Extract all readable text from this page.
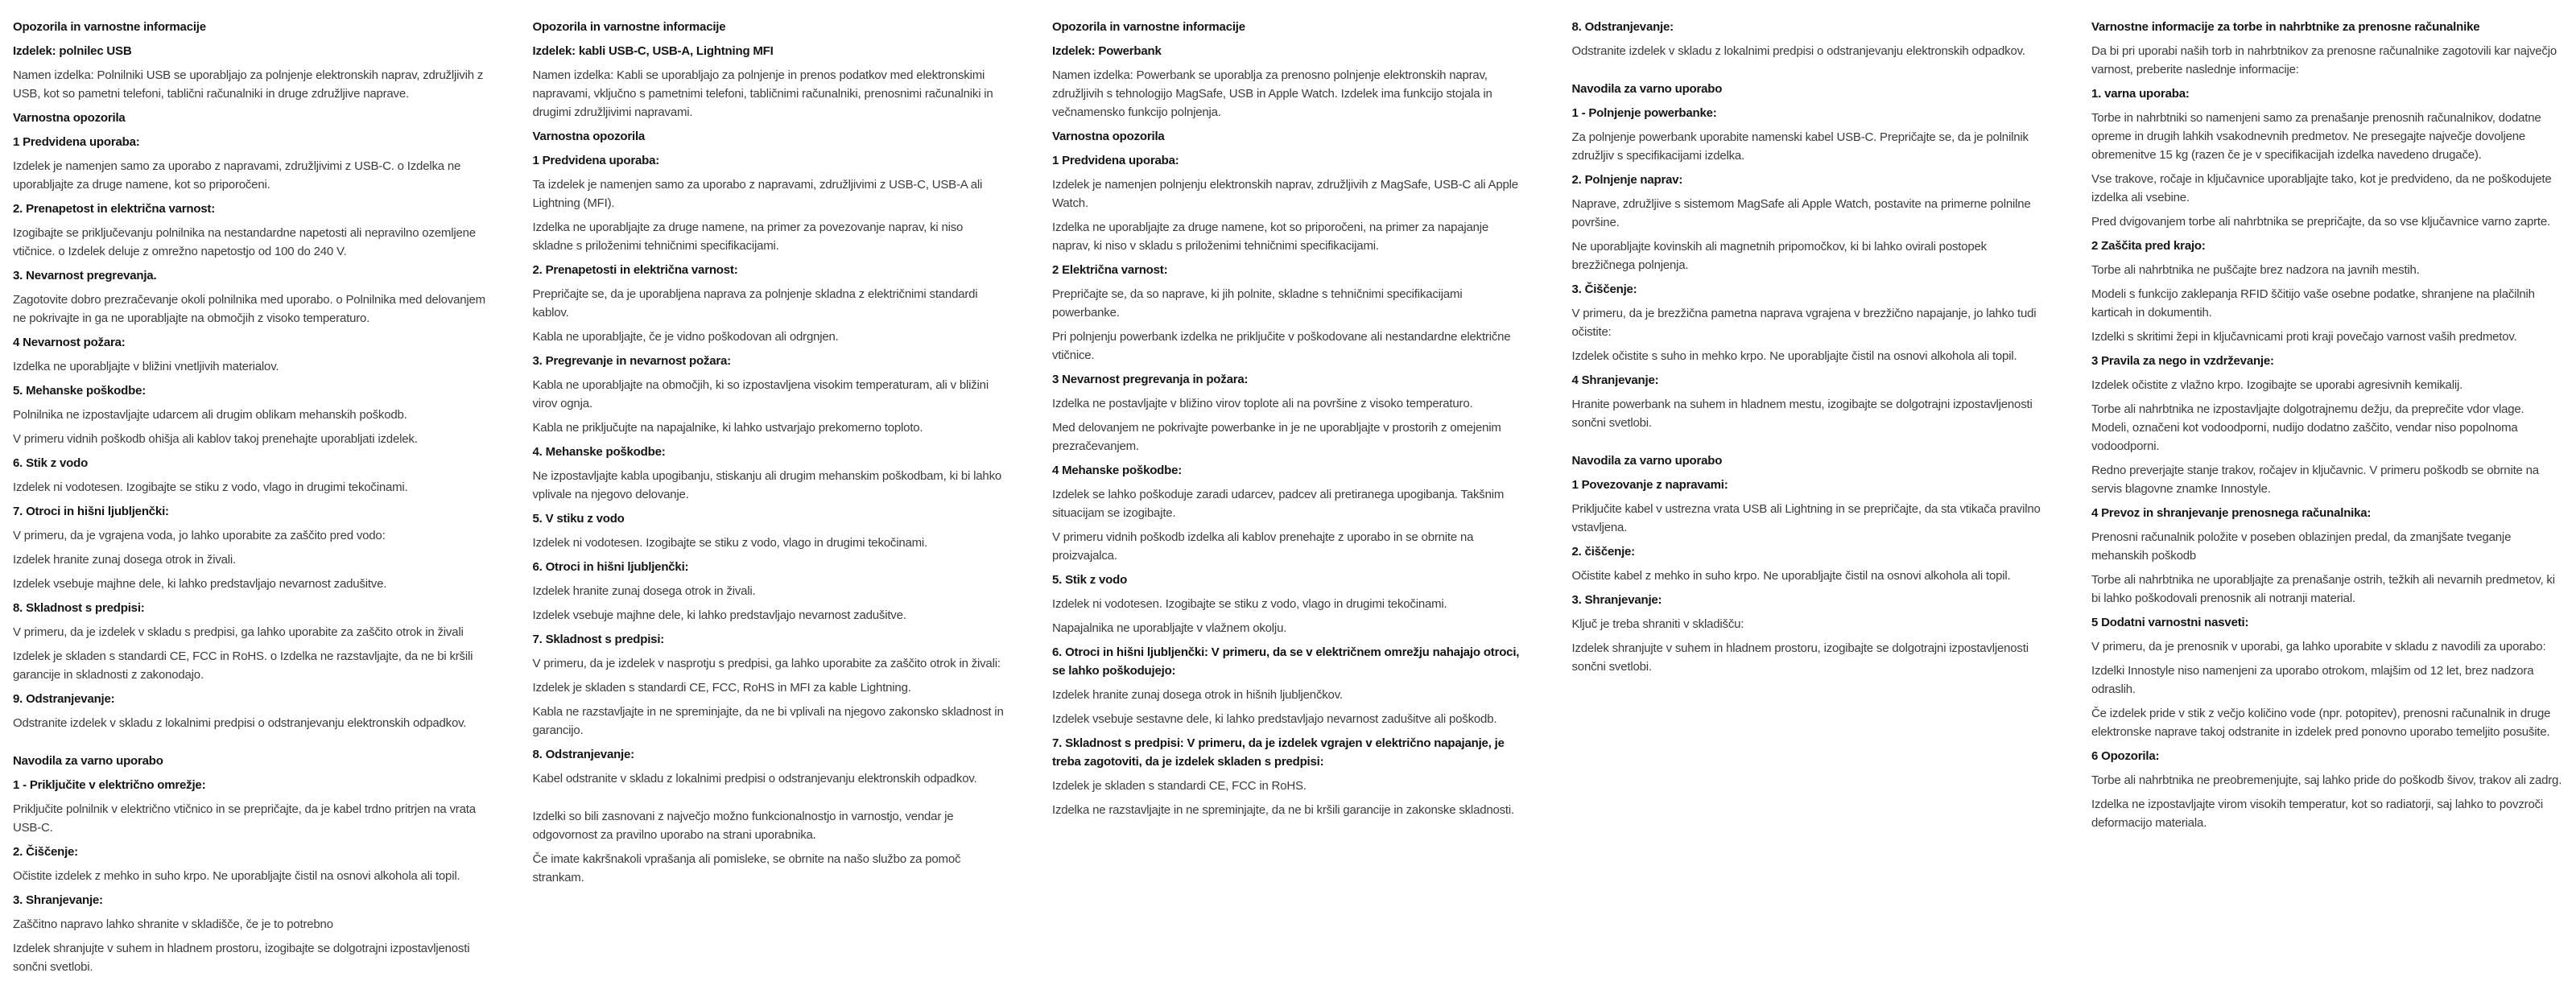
Opozorila in varnostne informacije
Izdelek: polnilec USB

Namen izdelka: Polnilniki USB se uporabljajo za polnjenje elektronskih naprav, združljivih z USB, kot so pametni telefoni, tablični računalniki in druge združljive naprave.

Varnostna opozorila
1 Predvidena uporaba:

Izdelek je namenjen samo za uporabo z napravami, združljivimi z USB-C. o Izdelka ne uporabljajte za druge namene, kot so priporočeni.

2. Prenapetost in električna varnost:

Izogibajte se priključevanju polnilnika na nestandardne napetosti ali nepravilno ozemljene vtičnice. o Izdelek deluje z omrežno napetostjo od 100 do 240 V.

3. Nevarnost pregrevanja.

Zagotovite dobro prezračevanje okoli polnilnika med uporabo. o Polnilnika med delovanjem ne pokrivajte in ga ne uporabljajte na območjih z visoko temperaturo.

4 Nevarnost požara:

Izdelka ne uporabljajte v bližini vnetljivih materialov.

5. Mehanske poškodbe:

Polnilnika ne izpostavljajte udarcem ali drugim oblikam mehanskih poškodb.

V primeru vidnih poškodb ohišja ali kablov takoj prenehajte uporabljati izdelek.

6. Stik z vodo

Izdelek ni vodotesen. Izogibajte se stiku z vodo, vlago in drugimi tekočinami.

7. Otroci in hišni ljubljenčki:

V primeru, da je vgrajena voda, jo lahko uporabite za zaščito pred vodo:

Izdelek hranite zunaj dosega otrok in živali.

Izdelek vsebuje majhne dele, ki lahko predstavljajo nevarnost zadušitve.

8. Skladnost s predpisi:

V primeru, da je izdelek v skladu s predpisi, ga lahko uporabite za zaščito otrok in živali

Izdelek je skladen s standardi CE, FCC in RoHS. o Izdelka ne razstavljajte, da ne bi kršili garancije in skladnosti z zakonodajo.

9. Odstranjevanje:

Odstranite izdelek v skladu z lokalnimi predpisi o odstranjevanju elektronskih odpadkov.

Navodila za varno uporabo
1 - Priključite v električno omrežje:

Priključite polnilnik v električno vtičnico in se prepričajte, da je kabel trdno pritrjen na vrata USB-C.

2. Čiščenje:

Očistite izdelek z mehko in suho krpo. Ne uporabljajte čistil na osnovi alkohola ali topil.

3. Shranjevanje:

Zaščitno napravo lahko shranite v skladišče, če je to potrebno

Izdelek shranjujte v suhem in hladnem prostoru, izogibajte se dolgotrajni izpostavljenosti sončni svetlobi.

Opozorila in varnostne informacije
Izdelek: kabli USB-C, USB-A, Lightning MFI

Namen izdelka: Kabli se uporabljajo za polnjenje in prenos podatkov med elektronskimi napravami, vključno s pametnimi telefoni, tabličnimi računalniki, prenosnimi računalniki in drugimi združljivimi napravami.

Varnostna opozorila
1 Predvidena uporaba:

Ta izdelek je namenjen samo za uporabo z napravami, združljivimi z USB-C, USB-A ali Lightning (MFI).

Izdelka ne uporabljajte za druge namene, na primer za povezovanje naprav, ki niso skladne s priloženimi tehničnimi specifikacijami.

2. Prenapetosti in električna varnost:

Prepričajte se, da je uporabljena naprava za polnjenje skladna z električnimi standardi kablov.

Kabla ne uporabljajte, če je vidno poškodovan ali odrgnjen.

3. Pregrevanje in nevarnost požara:

Kabla ne uporabljajte na območjih, ki so izpostavljena visokim temperaturam, ali v bližini virov ognja.

Kabla ne priključujte na napajalnike, ki lahko ustvarjajo prekomerno toploto.

4. Mehanske poškodbe:

Ne izpostavljajte kabla upogibanju, stiskanju ali drugim mehanskim poškodbam, ki bi lahko vplivale na njegovo delovanje.

5. V stiku z vodo

Izdelek ni vodotesen. Izogibajte se stiku z vodo, vlago in drugimi tekočinami.

6. Otroci in hišni ljubljenčki:

Izdelek hranite zunaj dosega otrok in živali.

Izdelek vsebuje majhne dele, ki lahko predstavljajo nevarnost zadušitve.

7. Skladnost s predpisi:

V primeru, da je izdelek v nasprotju s predpisi, ga lahko uporabite za zaščito otrok in živali:

Izdelek je skladen s standardi CE, FCC, RoHS in MFI za kable Lightning.

Kabla ne razstavljajte in ne spreminjajte, da ne bi vplivali na njegovo zakonsko skladnost in garancijo.

8. Odstranjevanje:

Kabel odstranite v skladu z lokalnimi predpisi o odstranjevanju elektronskih odpadkov.

Izdelki so bili zasnovani z največjo možno funkcionalnostjo in varnostjo, vendar je odgovornost za pravilno uporabo na strani uporabnika.

Če imate kakršnakoli vprašanja ali pomisleke, se obrnite na našo službo za pomoč strankam.

Opozorila in varnostne informacije
Izdelek: Powerbank

Namen izdelka: Powerbank se uporablja za prenosno polnjenje elektronskih naprav, združljivih s tehnologijo MagSafe, USB in Apple Watch. Izdelek ima funkcijo stojala in večnamensko funkcijo polnjenja.

Varnostna opozorila
1 Predvidena uporaba:

Izdelek je namenjen polnjenju elektronskih naprav, združljivih z MagSafe, USB-C ali Apple Watch.

Izdelka ne uporabljajte za druge namene, kot so priporočeni, na primer za napajanje naprav, ki niso v skladu s priloženimi tehničnimi specifikacijami.

2 Električna varnost:

Prepričajte se, da so naprave, ki jih polnite, skladne s tehničnimi specifikacijami powerbanke.

Pri polnjenju powerbank izdelka ne priključite v poškodovane ali nestandardne električne vtičnice.

3 Nevarnost pregrevanja in požara:

Izdelka ne postavljajte v bližino virov toplote ali na površine z visoko temperaturo.

Med delovanjem ne pokrivajte powerbanke in je ne uporabljajte v prostorih z omejenim prezračevanjem.

4 Mehanske poškodbe:

Izdelek se lahko poškoduje zaradi udarcev, padcev ali pretiranega upogibanja. Takšnim situacijam se izogibajte.

V primeru vidnih poškodb izdelka ali kablov prenehajte z uporabo in se obrnite na proizvajalca.

5. Stik z vodo

Izdelek ni vodotesen. Izogibajte se stiku z vodo, vlago in drugimi tekočinami.

Napajalnika ne uporabljajte v vlažnem okolju.

6. Otroci in hišni ljubljenčki: V primeru, da se v električnem omrežju nahajajo otroci, se lahko poškodujejo:

Izdelek hranite zunaj dosega otrok in hišnih ljubljenčkov.

Izdelek vsebuje sestavne dele, ki lahko predstavljajo nevarnost zadušitve ali poškodb.

7. Skladnost s predpisi: V primeru, da je izdelek vgrajen v električno napajanje, je treba zagotoviti, da je izdelek skladen s predpisi:

Izdelek je skladen s standardi CE, FCC in RoHS.

Izdelka ne razstavljajte in ne spreminjajte, da ne bi kršili garancije in zakonske skladnosti.

8. Odstranjevanje:

Odstranite izdelek v skladu z lokalnimi predpisi o odstranjevanju elektronskih odpadkov.

Navodila za varno uporabo
1 - Polnjenje powerbanke:

Za polnjenje powerbank uporabite namenski kabel USB-C. Prepričajte se, da je polnilnik združljiv s specifikacijami izdelka.

2. Polnjenje naprav:

Naprave, združljive s sistemom MagSafe ali Apple Watch, postavite na primerne polnilne površine.

Ne uporabljajte kovinskih ali magnetnih pripomočkov, ki bi lahko ovirali postopek brezžičnega polnjenja.

3. Čiščenje:

V primeru, da je brezžična pametna naprava vgrajena v brezžično napajanje, jo lahko tudi očistite:

Izdelek očistite s suho in mehko krpo. Ne uporabljajte čistil na osnovi alkohola ali topil.

4 Shranjevanje:

Hranite powerbank na suhem in hladnem mestu, izogibajte se dolgotrajni izpostavljenosti sončni svetlobi.

Navodila za varno uporabo
1 Povezovanje z napravami:

Priključite kabel v ustrezna vrata USB ali Lightning in se prepričajte, da sta vtikača pravilno vstavljena.

2. čiščenje:

Očistite kabel z mehko in suho krpo. Ne uporabljajte čistil na osnovi alkohola ali topil.

3. Shranjevanje:

Ključ je treba shraniti v skladišču:

Izdelek shranjujte v suhem in hladnem prostoru, izogibajte se dolgotrajni izpostavljenosti sončni svetlobi.

Varnostne informacije za torbe in nahrbtnike za prenosne računalnike

Da bi pri uporabi naših torb in nahrbtnikov za prenosne računalnike zagotovili kar največjo varnost, preberite naslednje informacije:

1. varna uporaba:

Torbe in nahrbtniki so namenjeni samo za prenašanje prenosnih računalnikov, dodatne opreme in drugih lahkih vsakodnevnih predmetov. Ne presegajte največje dovoljene obremenitve 15 kg (razen če je v specifikacijah izdelka navedeno drugače).

Vse trakove, ročaje in ključavnice uporabljajte tako, kot je predvideno, da ne poškodujete izdelka ali vsebine.

Pred dvigovanjem torbe ali nahrbtnika se prepričajte, da so vse ključavnice varno zaprte.

2 Zaščita pred krajo:

Torbe ali nahrbtnika ne puščajte brez nadzora na javnih mestih.

Modeli s funkcijo zaklepanja RFID ščitijo vaše osebne podatke, shranjene na plačilnih karticah in dokumentih.

Izdelki s skritimi žepi in ključavnicami proti kraji povečajo varnost vaših predmetov.

3 Pravila za nego in vzdrževanje:

Izdelek očistite z vlažno krpo. Izogibajte se uporabi agresivnih kemikalij.

Torbe ali nahrbtnika ne izpostavljajte dolgotrajnemu dežju, da preprečite vdor vlage. Modeli, označeni kot vodoodporni, nudijo dodatno zaščito, vendar niso popolnoma vodoodporni.

Redno preverjajte stanje trakov, ročajev in ključavnic. V primeru poškodb se obrnite na servis blagovne znamke Innostyle.

4 Prevoz in shranjevanje prenosnega računalnika:

Prenosni računalnik položite v poseben oblazinjen predal, da zmanjšate tveganje mehanskih poškodb

Torbe ali nahrbtnika ne uporabljajte za prenašanje ostrih, težkih ali nevarnih predmetov, ki bi lahko poškodovali prenosnik ali notranji material.

5 Dodatni varnostni nasveti:

V primeru, da je prenosnik v uporabi, ga lahko uporabite v skladu z navodili za uporabo:

Izdelki Innostyle niso namenjeni za uporabo otrokom, mlajšim od 12 let, brez nadzora odraslih.

Če izdelek pride v stik z večjo količino vode (npr. potopitev), prenosni računalnik in druge elektronske naprave takoj odstranite in izdelek pred ponovno uporabo temeljito posušite.

6 Opozorila:

Torbe ali nahrbtnika ne preobremenjujte, saj lahko pride do poškodb šivov, trakov ali zadrg.

Izdelka ne izpostavljajte virom visokih temperatur, kot so radiatorji, saj lahko to povzroči deformacijo materiala.
